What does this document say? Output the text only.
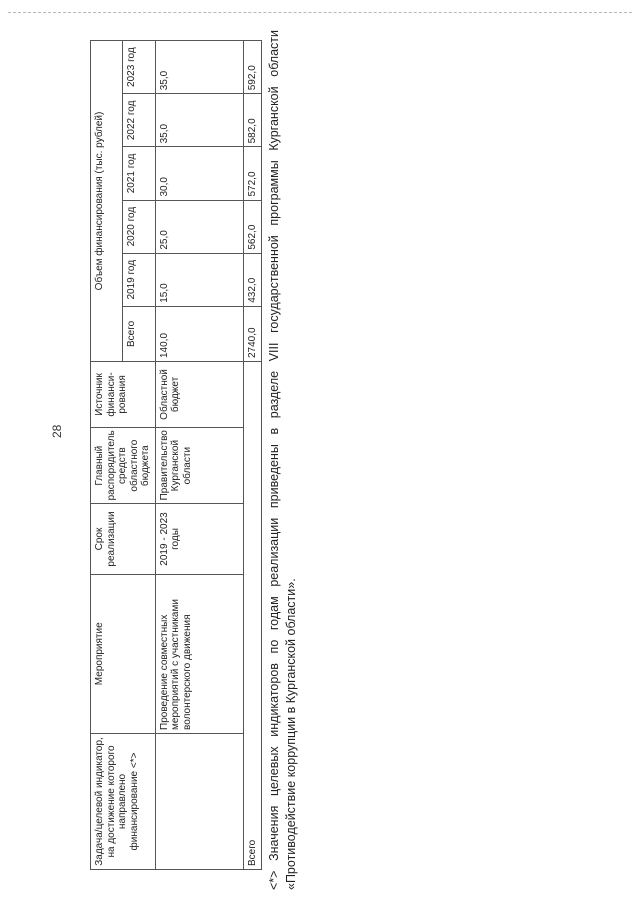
28
Задача/целевой индикатор, на достижение которого направлено финансирование <*>	Мероприятие	Срок реализации	Главный распорядитель средств областного бюджета	Источник финанси-рования	Объем финансирования (тыс. рублей)					
					Всего	2019 год	2020 год	2021 год	2022 год	2023 год
	Проведение совместных мероприятий с участниками волонтерского движения	2019 - 2023 годы	Правительство Курганской области	Областной бюджет	140,0	15,0	25,0	30,0	35,0	35,0
Всего					2740,0	432,0	562,0	572,0	582,0	592,0 <*> Значения целевых индикаторов по годам реализации приведены в разделе VIII государственной программы Курганской области «Противодействие коррупции в Курганской области».
